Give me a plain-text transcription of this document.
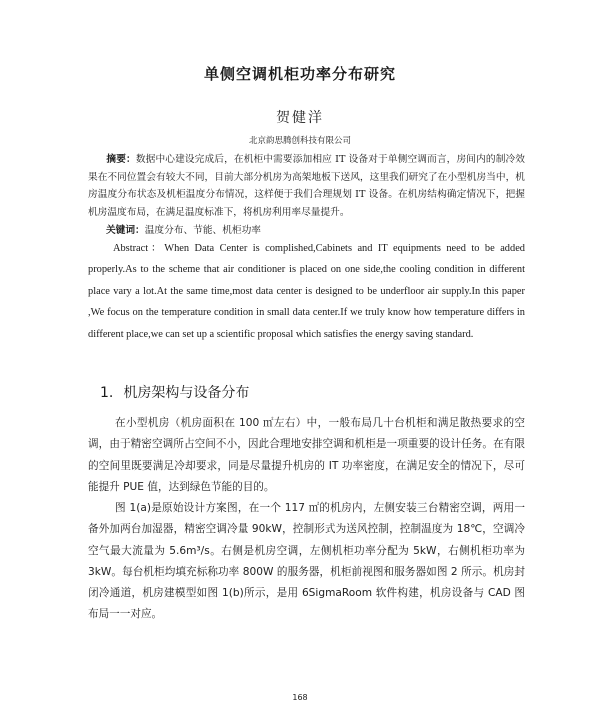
单侧空调机柜功率分布研究
贺健洋
北京韵思腾创科技有限公司

摘要：数据中心建设完成后，在机柜中需要添加相应 IT 设备对于单侧空调而言，房间内的制冷效果在不同位置会有较大不同，目前大部分机房为高架地板下送风，这里我们研究了在小型机房当中，机房温度分布状态及机柜温度分布情况，这样便于我们合理规划 IT 设备。在机房结构确定情况下，把握机房温度布局，在满足温度标准下，将机房利用率尽量提升。

关键词：温度分布、节能、机柜功率

Abstract：When Data Center is complished,Cabinets and IT equipments need to be added properly.As to the scheme that air conditioner is placed on one side,the cooling condition in different place vary a lot.At the same time,most data center is designed to be underfloor air supply.In this paper ,We focus on the temperature condition in small data center.If we truly know how temperature differs in different place,we can set up a scientific proposal which satisfies the energy saving standard.

1. 机房架构与设备分布

在小型机房（机房面积在 100 ㎡左右）中，一般布局几十台机柜和满足散热要求的空调，由于精密空调所占空间不小，因此合理地安排空调和机柜是一项重要的设计任务。在有限的空间里既要满足冷却要求，同是尽量提升机房的 IT 功率密度，在满足安全的情况下，尽可能提升 PUE 值，达到绿色节能的目的。

图 1(a)是原始设计方案图，在一个 117 ㎡的机房内，左侧安装三台精密空调，两用一备外加两台加湿器，精密空调冷量 90kW，控制形式为送风控制，控制温度为 18℃，空调冷空气最大流量为 5.6m³/s。右侧是机房空调，左侧机柜功率分配为 5kW，右侧机柜功率为 3kW。每台机柜均填充标称功率 800W 的服务器，机柜前视图和服务器如图 2 所示。机房封闭冷通道，机房建模型如图 1(b)所示，是用 6SigmaRoom 软件构建，机房设备与 CAD 图布局一一对应。

168
